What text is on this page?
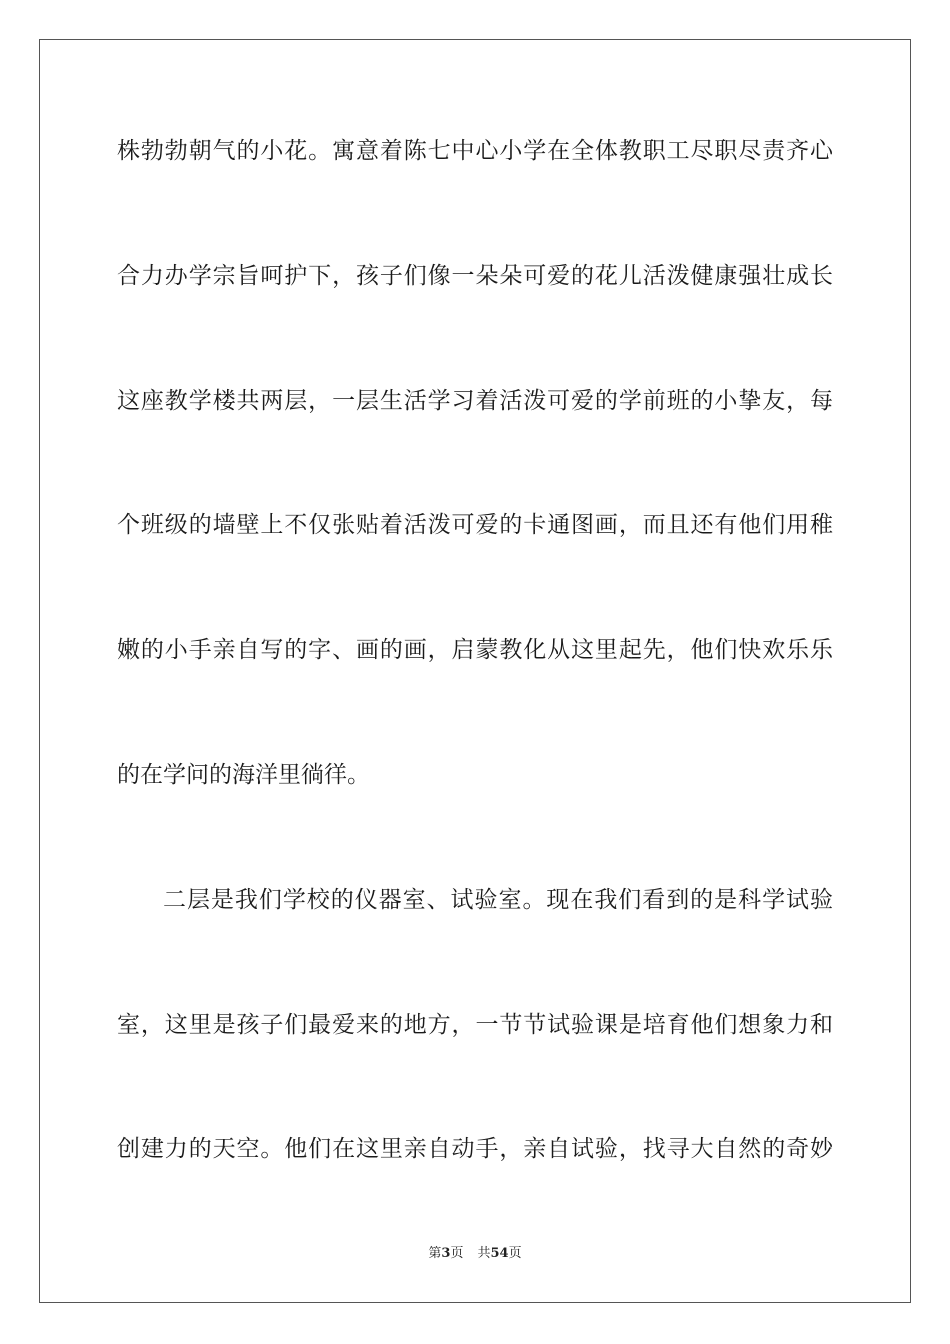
株勃勃朝气的小花。寓意着陈七中心小学在全体教职工尽职尽责齐心
合力办学宗旨呵护下，孩子们像一朵朵可爱的花儿活泼健康强壮成长
这座教学楼共两层，一层生活学习着活泼可爱的学前班的小挚友，每
个班级的墙壁上不仅张贴着活泼可爱的卡通图画，而且还有他们用稚
嫩的小手亲自写的字、画的画，启蒙教化从这里起先，他们快欢乐乐
的在学问的海洋里徜徉。
二层是我们学校的仪器室、试验室。现在我们看到的是科学试验
室，这里是孩子们最爱来的地方，一节节试验课是培育他们想象力和
创建力的天空。他们在这里亲自动手，亲自试验，找寻大自然的奇妙
第3页 共54页
